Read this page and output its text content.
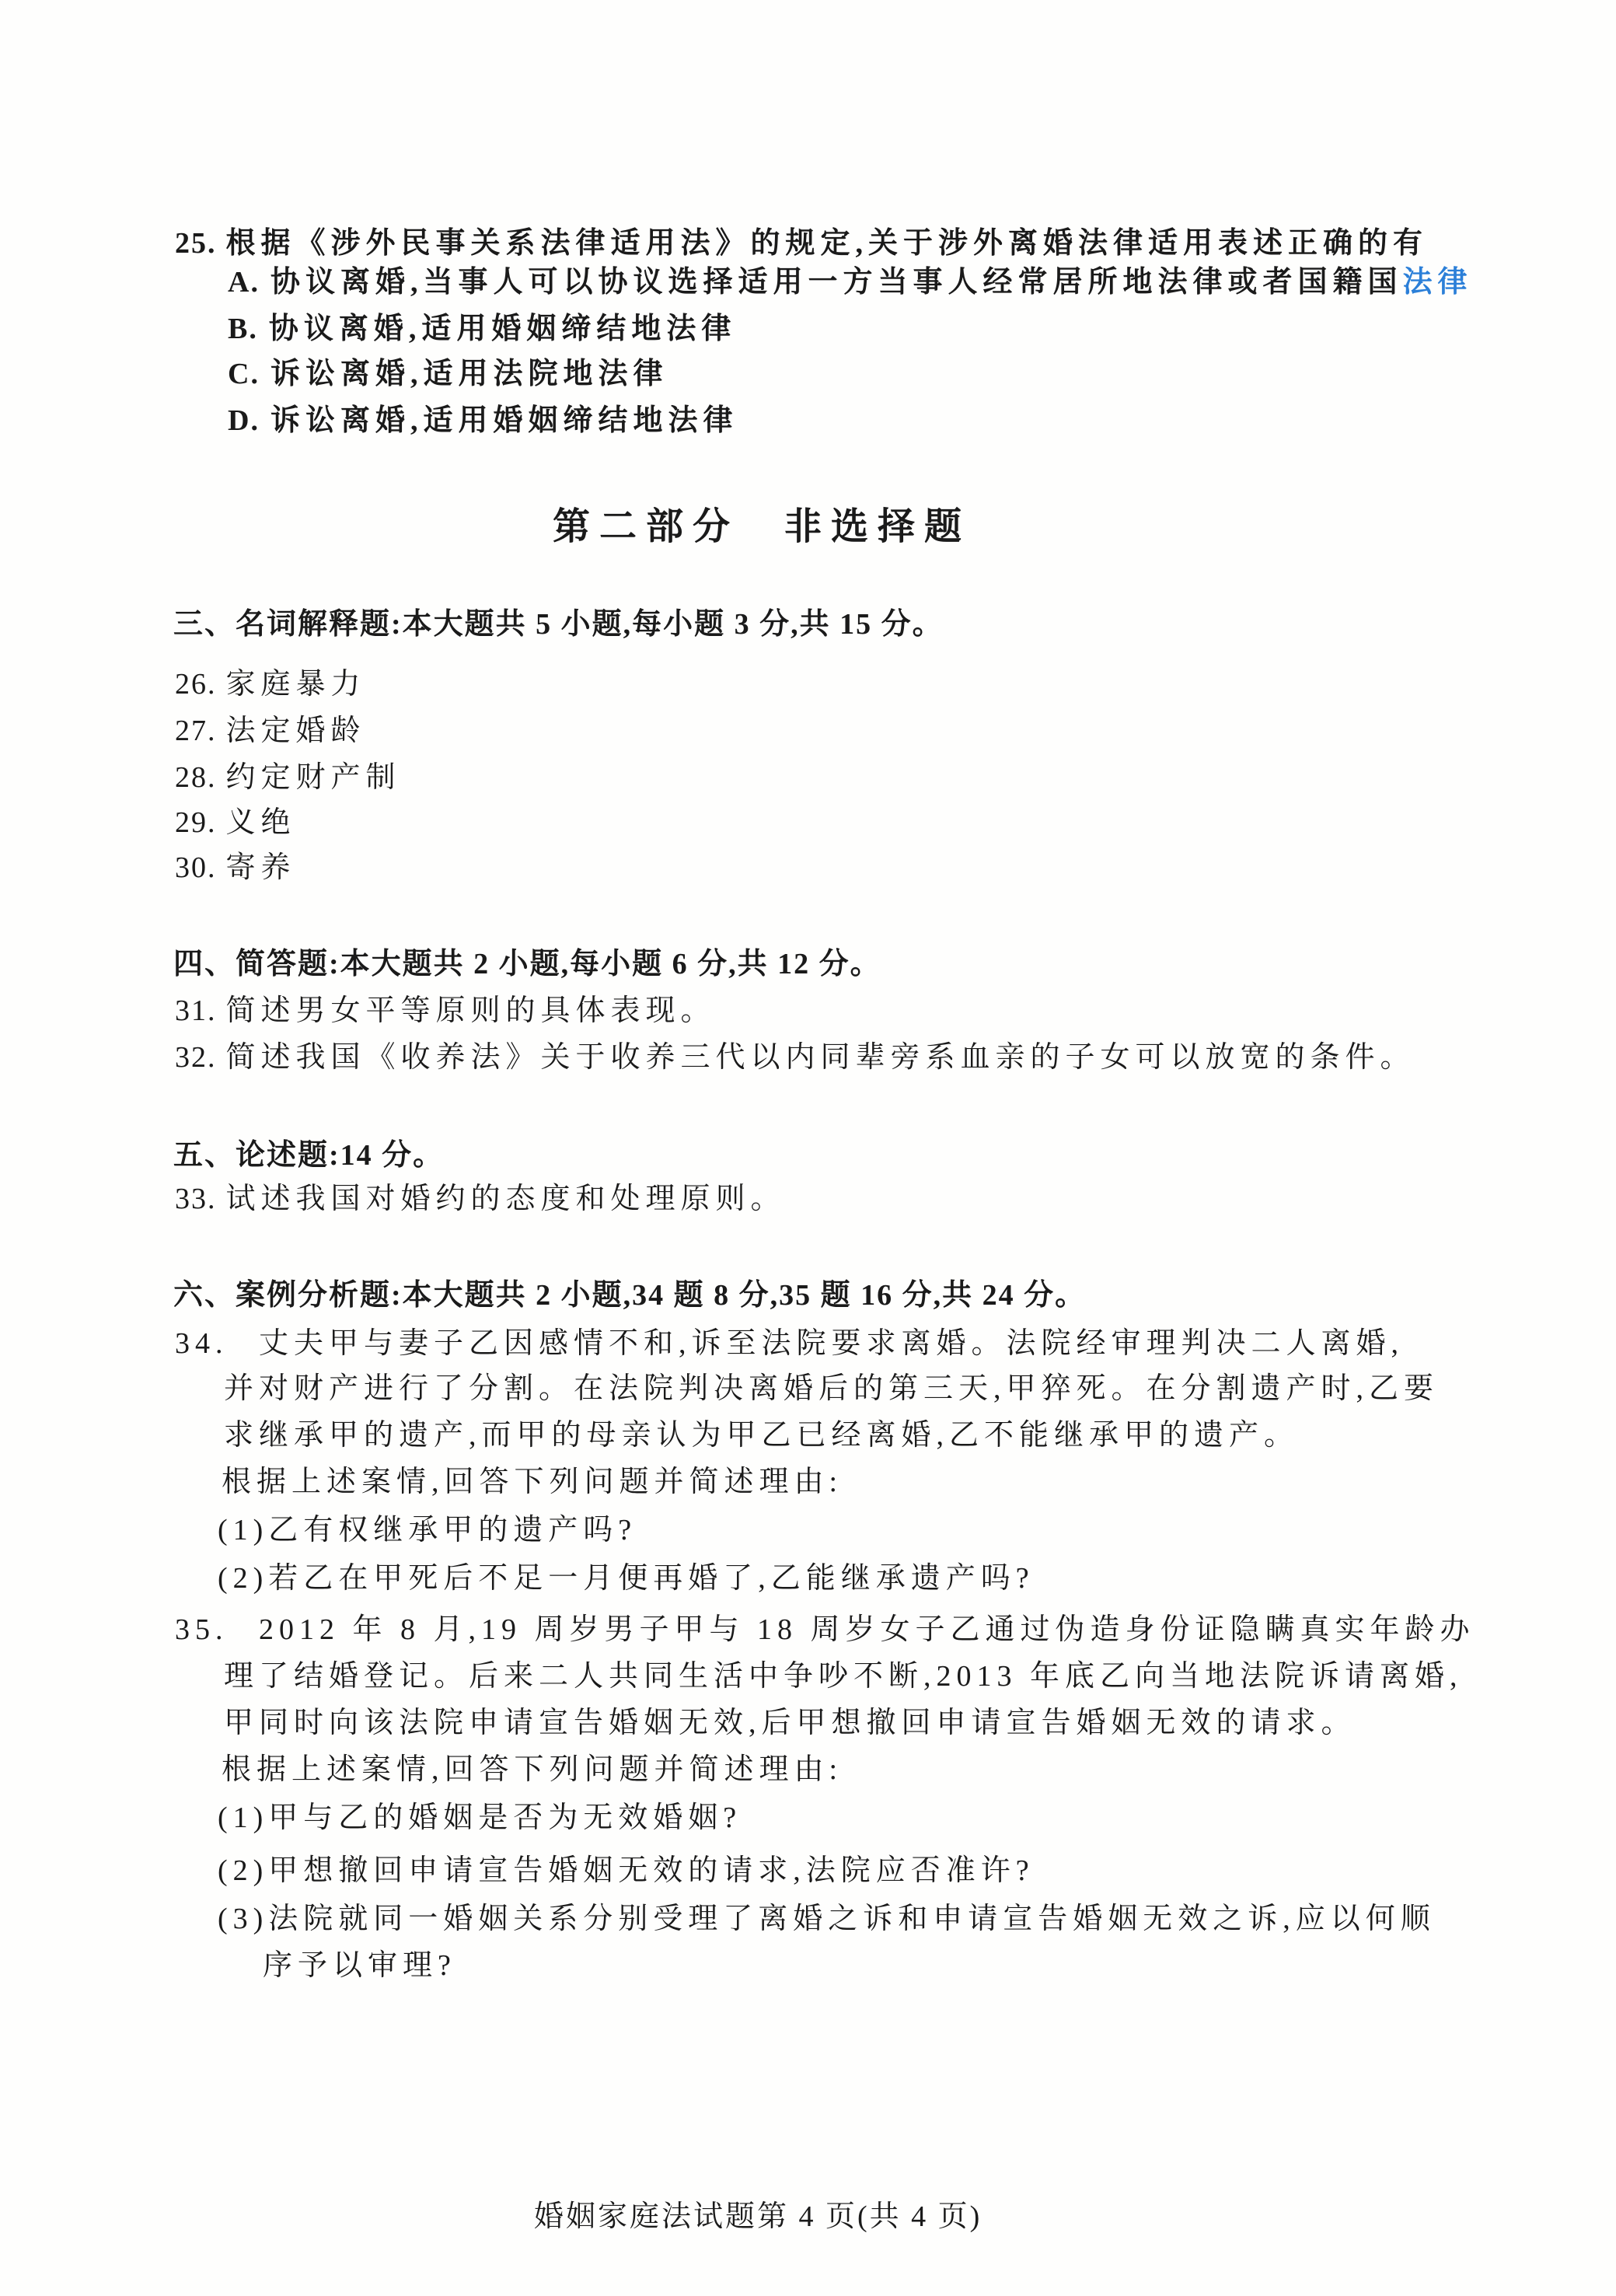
25. 根据《涉外民事关系法律适用法》的规定,关于涉外离婚法律适用表述正确的有
A. 协议离婚,当事人可以协议选择适用一方当事人经常居所地法律或者国籍国法律
B. 协议离婚,适用婚姻缔结地法律
C. 诉讼离婚,适用法院地法律
D. 诉讼离婚,适用婚姻缔结地法律
第二部分 非选择题
三、名词解释题:本大题共 5 小题,每小题 3 分,共 15 分。
26. 家庭暴力
27. 法定婚龄
28. 约定财产制
29. 义绝
30. 寄养
四、简答题:本大题共 2 小题,每小题 6 分,共 12 分。
31. 简述男女平等原则的具体表现。
32. 简述我国《收养法》关于收养三代以内同辈旁系血亲的子女可以放宽的条件。
五、论述题:14 分。
33. 试述我国对婚约的态度和处理原则。
六、案例分析题:本大题共 2 小题,34 题 8 分,35 题 16 分,共 24 分。
34. 丈夫甲与妻子乙因感情不和,诉至法院要求离婚。法院经审理判决二人离婚,
并对财产进行了分割。在法院判决离婚后的第三天,甲猝死。在分割遗产时,乙要
求继承甲的遗产,而甲的母亲认为甲乙已经离婚,乙不能继承甲的遗产。
根据上述案情,回答下列问题并简述理由:
(1)乙有权继承甲的遗产吗?
(2)若乙在甲死后不足一月便再婚了,乙能继承遗产吗?
35. 2012 年 8 月,19 周岁男子甲与 18 周岁女子乙通过伪造身份证隐瞒真实年龄办
理了结婚登记。后来二人共同生活中争吵不断,2013 年底乙向当地法院诉请离婚,
甲同时向该法院申请宣告婚姻无效,后甲想撤回申请宣告婚姻无效的请求。
根据上述案情,回答下列问题并简述理由:
(1)甲与乙的婚姻是否为无效婚姻?
(2)甲想撤回申请宣告婚姻无效的请求,法院应否准许?
(3)法院就同一婚姻关系分别受理了离婚之诉和申请宣告婚姻无效之诉,应以何顺
序予以审理?
婚姻家庭法试题第 4 页(共 4 页)
